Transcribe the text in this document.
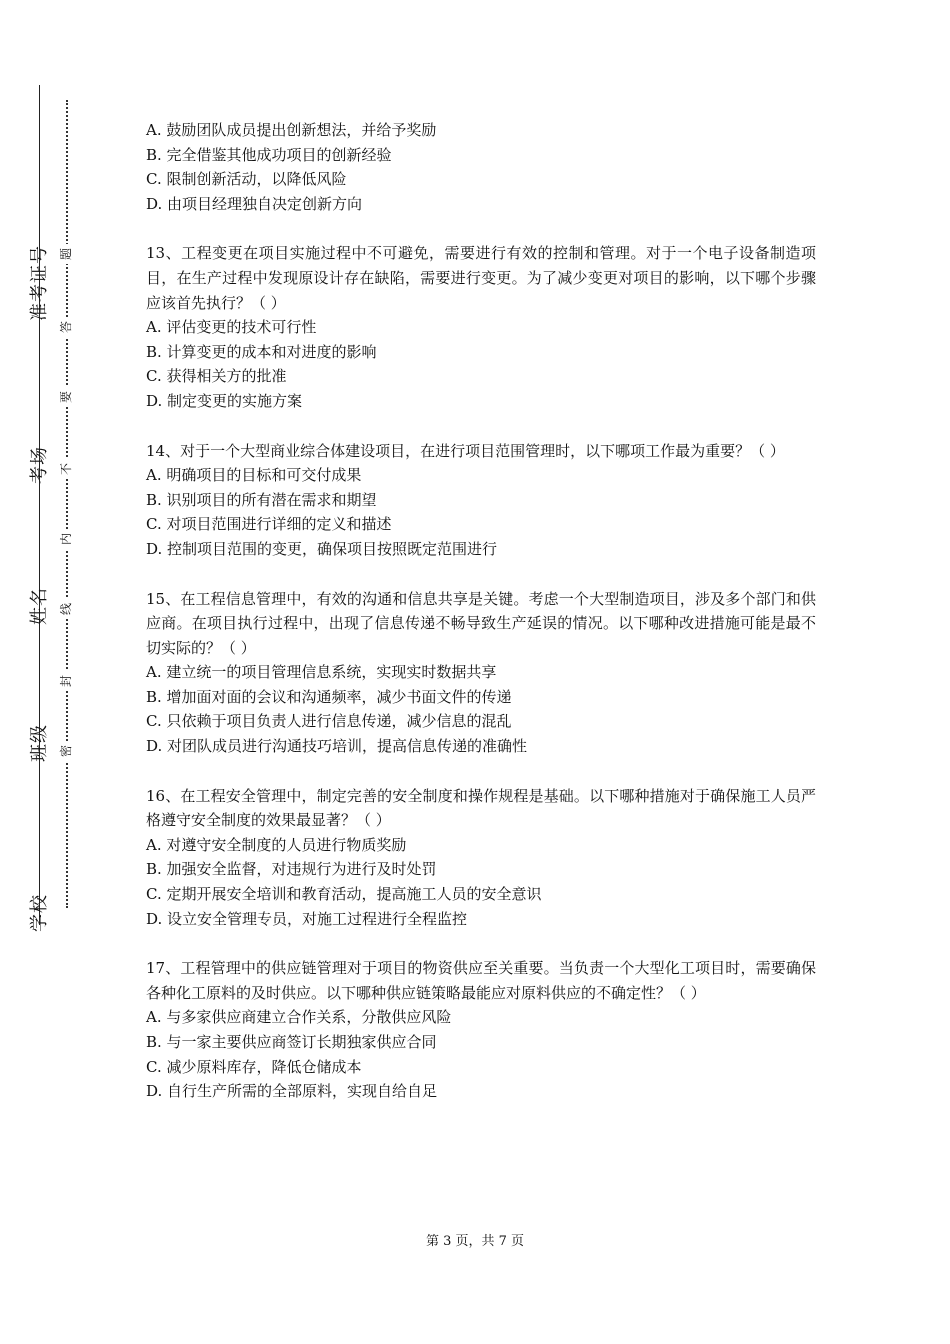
准考证号
考场
姓名
班级
学校
题
答
要
不
内
线
封
密
A. 鼓励团队成员提出创新想法，并给予奖励
B. 完全借鉴其他成功项目的创新经验
C. 限制创新活动，以降低风险
D. 由项目经理独自决定创新方向
13、工程变更在项目实施过程中不可避免，需要进行有效的控制和管理。对于一个电子设备制造项目，在生产过程中发现原设计存在缺陷，需要进行变更。为了减少变更对项目的影响，以下哪个步骤应该首先执行？（ ）
A. 评估变更的技术可行性
B. 计算变更的成本和对进度的影响
C. 获得相关方的批准
D. 制定变更的实施方案
14、对于一个大型商业综合体建设项目，在进行项目范围管理时，以下哪项工作最为重要？（ ）
A. 明确项目的目标和可交付成果
B. 识别项目的所有潜在需求和期望
C. 对项目范围进行详细的定义和描述
D. 控制项目范围的变更，确保项目按照既定范围进行
15、在工程信息管理中，有效的沟通和信息共享是关键。考虑一个大型制造项目，涉及多个部门和供应商。在项目执行过程中，出现了信息传递不畅导致生产延误的情况。以下哪种改进措施可能是最不切实际的？（ ）
A. 建立统一的项目管理信息系统，实现实时数据共享
B. 增加面对面的会议和沟通频率，减少书面文件的传递
C. 只依赖于项目负责人进行信息传递，减少信息的混乱
D. 对团队成员进行沟通技巧培训，提高信息传递的准确性
16、在工程安全管理中，制定完善的安全制度和操作规程是基础。以下哪种措施对于确保施工人员严格遵守安全制度的效果最显著？（ ）
A. 对遵守安全制度的人员进行物质奖励
B. 加强安全监督，对违规行为进行及时处罚
C. 定期开展安全培训和教育活动，提高施工人员的安全意识
D. 设立安全管理专员，对施工过程进行全程监控
17、工程管理中的供应链管理对于项目的物资供应至关重要。当负责一个大型化工项目时，需要确保各种化工原料的及时供应。以下哪种供应链策略最能应对原料供应的不确定性？（ ）
A. 与多家供应商建立合作关系，分散供应风险
B. 与一家主要供应商签订长期独家供应合同
C. 减少原料库存，降低仓储成本
D. 自行生产所需的全部原料，实现自给自足
第 3 页，共 7 页
